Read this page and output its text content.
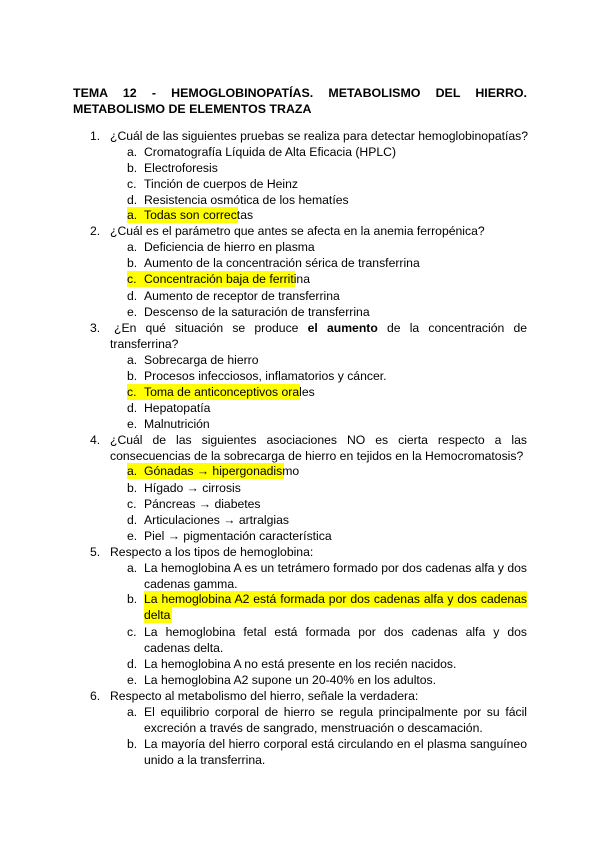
TEMA 12 - HEMOGLOBINOPATÍAS. METABOLISMO DEL HIERRO.
METABOLISMO DE ELEMENTOS TRAZA
1. ¿Cuál de las siguientes pruebas se realiza para detectar hemoglobinopatías?
a. Cromatografía Líquida de Alta Eficacia (HPLC)
b. Electroforesis
c. Tinción de cuerpos de Heinz
d. Resistencia osmótica de los hematíes
a. Todas son correctas
2. ¿Cuál es el parámetro que antes se afecta en la anemia ferropénica?
a. Deficiencia de hierro en plasma
b. Aumento de la concentración sérica de transferrina
c. Concentración baja de ferritina
d. Aumento de receptor de transferrina
e. Descenso de la saturación de transferrina
3. ¿En qué situación se produce el aumento de la concentración de
transferrina?
a. Sobrecarga de hierro
b. Procesos infecciosos, inflamatorios y cáncer.
c. Toma de anticonceptivos orales
d. Hepatopatía
e. Malnutrición
4. ¿Cuál de las siguientes asociaciones NO es cierta respecto a las
consecuencias de la sobrecarga de hierro en tejidos en la Hemocromatosis?
a. Gónadas → hipergonadismo
b. Hígado → cirrosis
c. Páncreas → diabetes
d. Articulaciones → artralgias
e. Piel → pigmentación característica
5. Respecto a los tipos de hemoglobina:
a. La hemoglobina A es un tetrámero formado por dos cadenas alfa y dos
cadenas gamma.
b. La hemoglobina A2 está formada por dos cadenas alfa y dos cadenas
delta
c. La hemoglobina fetal está formada por dos cadenas alfa y dos
cadenas delta.
d. La hemoglobina A no está presente en los recién nacidos.
e. La hemoglobina A2 supone un 20-40% en los adultos.
6. Respecto al metabolismo del hierro, señale la verdadera:
a. El equilibrio corporal de hierro se regula principalmente por su fácil
excreción a través de sangrado, menstruación o descamación.
b. La mayoría del hierro corporal está circulando en el plasma sanguíneo
unido a la transferrina.
